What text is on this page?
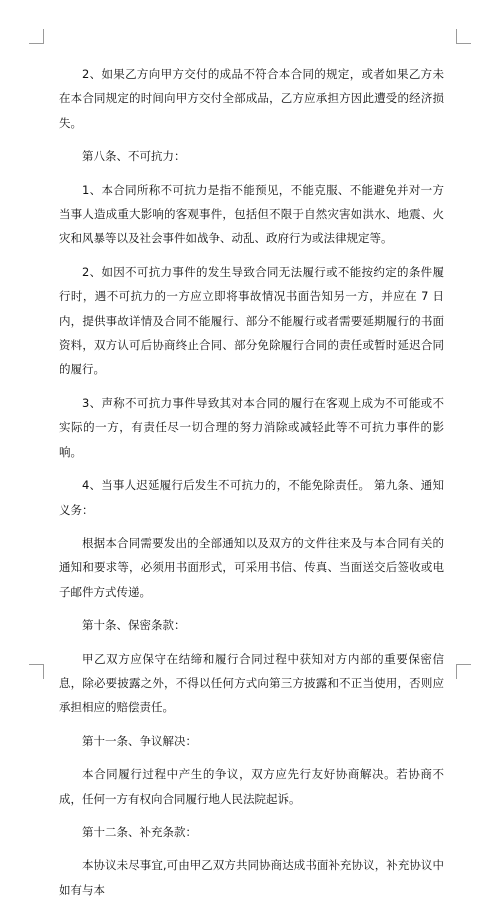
2、如果乙方向甲方交付的成品不符合本合同的规定，或者如果乙方未在本合同规定的时间向甲方交付全部成品，乙方应承担方因此遭受的经济损失。

第八条、不可抗力：

1、本合同所称不可抗力是指不能预见，不能克服、不能避免并对一方当事人造成重大影响的客观事件，包括但不限于自然灾害如洪水、地震、火灾和风暴等以及社会事件如战争、动乱、政府行为或法律规定等。

2、如因不可抗力事件的发生导致合同无法履行或不能按约定的条件履行时，遇不可抗力的一方应立即将事故情况书面告知另一方，并应在 7 日内，提供事故详情及合同不能履行、部分不能履行或者需要延期履行的书面资料，双方认可后协商终止合同、部分免除履行合同的责任或暂时延迟合同的履行。

3、声称不可抗力事件导致其对本合同的履行在客观上成为不可能或不实际的一方，有责任尽一切合理的努力消除或减轻此等不可抗力事件的影响。

4、当事人迟延履行后发生不可抗力的，不能免除责任。 第九条、通知义务：

根据本合同需要发出的全部通知以及双方的文件往来及与本合同有关的通知和要求等，必须用书面形式，可采用书信、传真、当面送交后签收或电子邮件方式传递。

第十条、保密条款：

甲乙双方应保守在结缔和履行合同过程中获知对方内部的重要保密信息，除必要披露之外，不得以任何方式向第三方披露和不正当使用，否则应承担相应的赔偿责任。

第十一条、争议解决：

本合同履行过程中产生的争议，双方应先行友好协商解决。若协商不成，任何一方有权向合同履行地人民法院起诉。

第十二条、补充条款：

本协议未尽事宜,可由甲乙双方共同协商达成书面补充协议，补充协议中如有与本
